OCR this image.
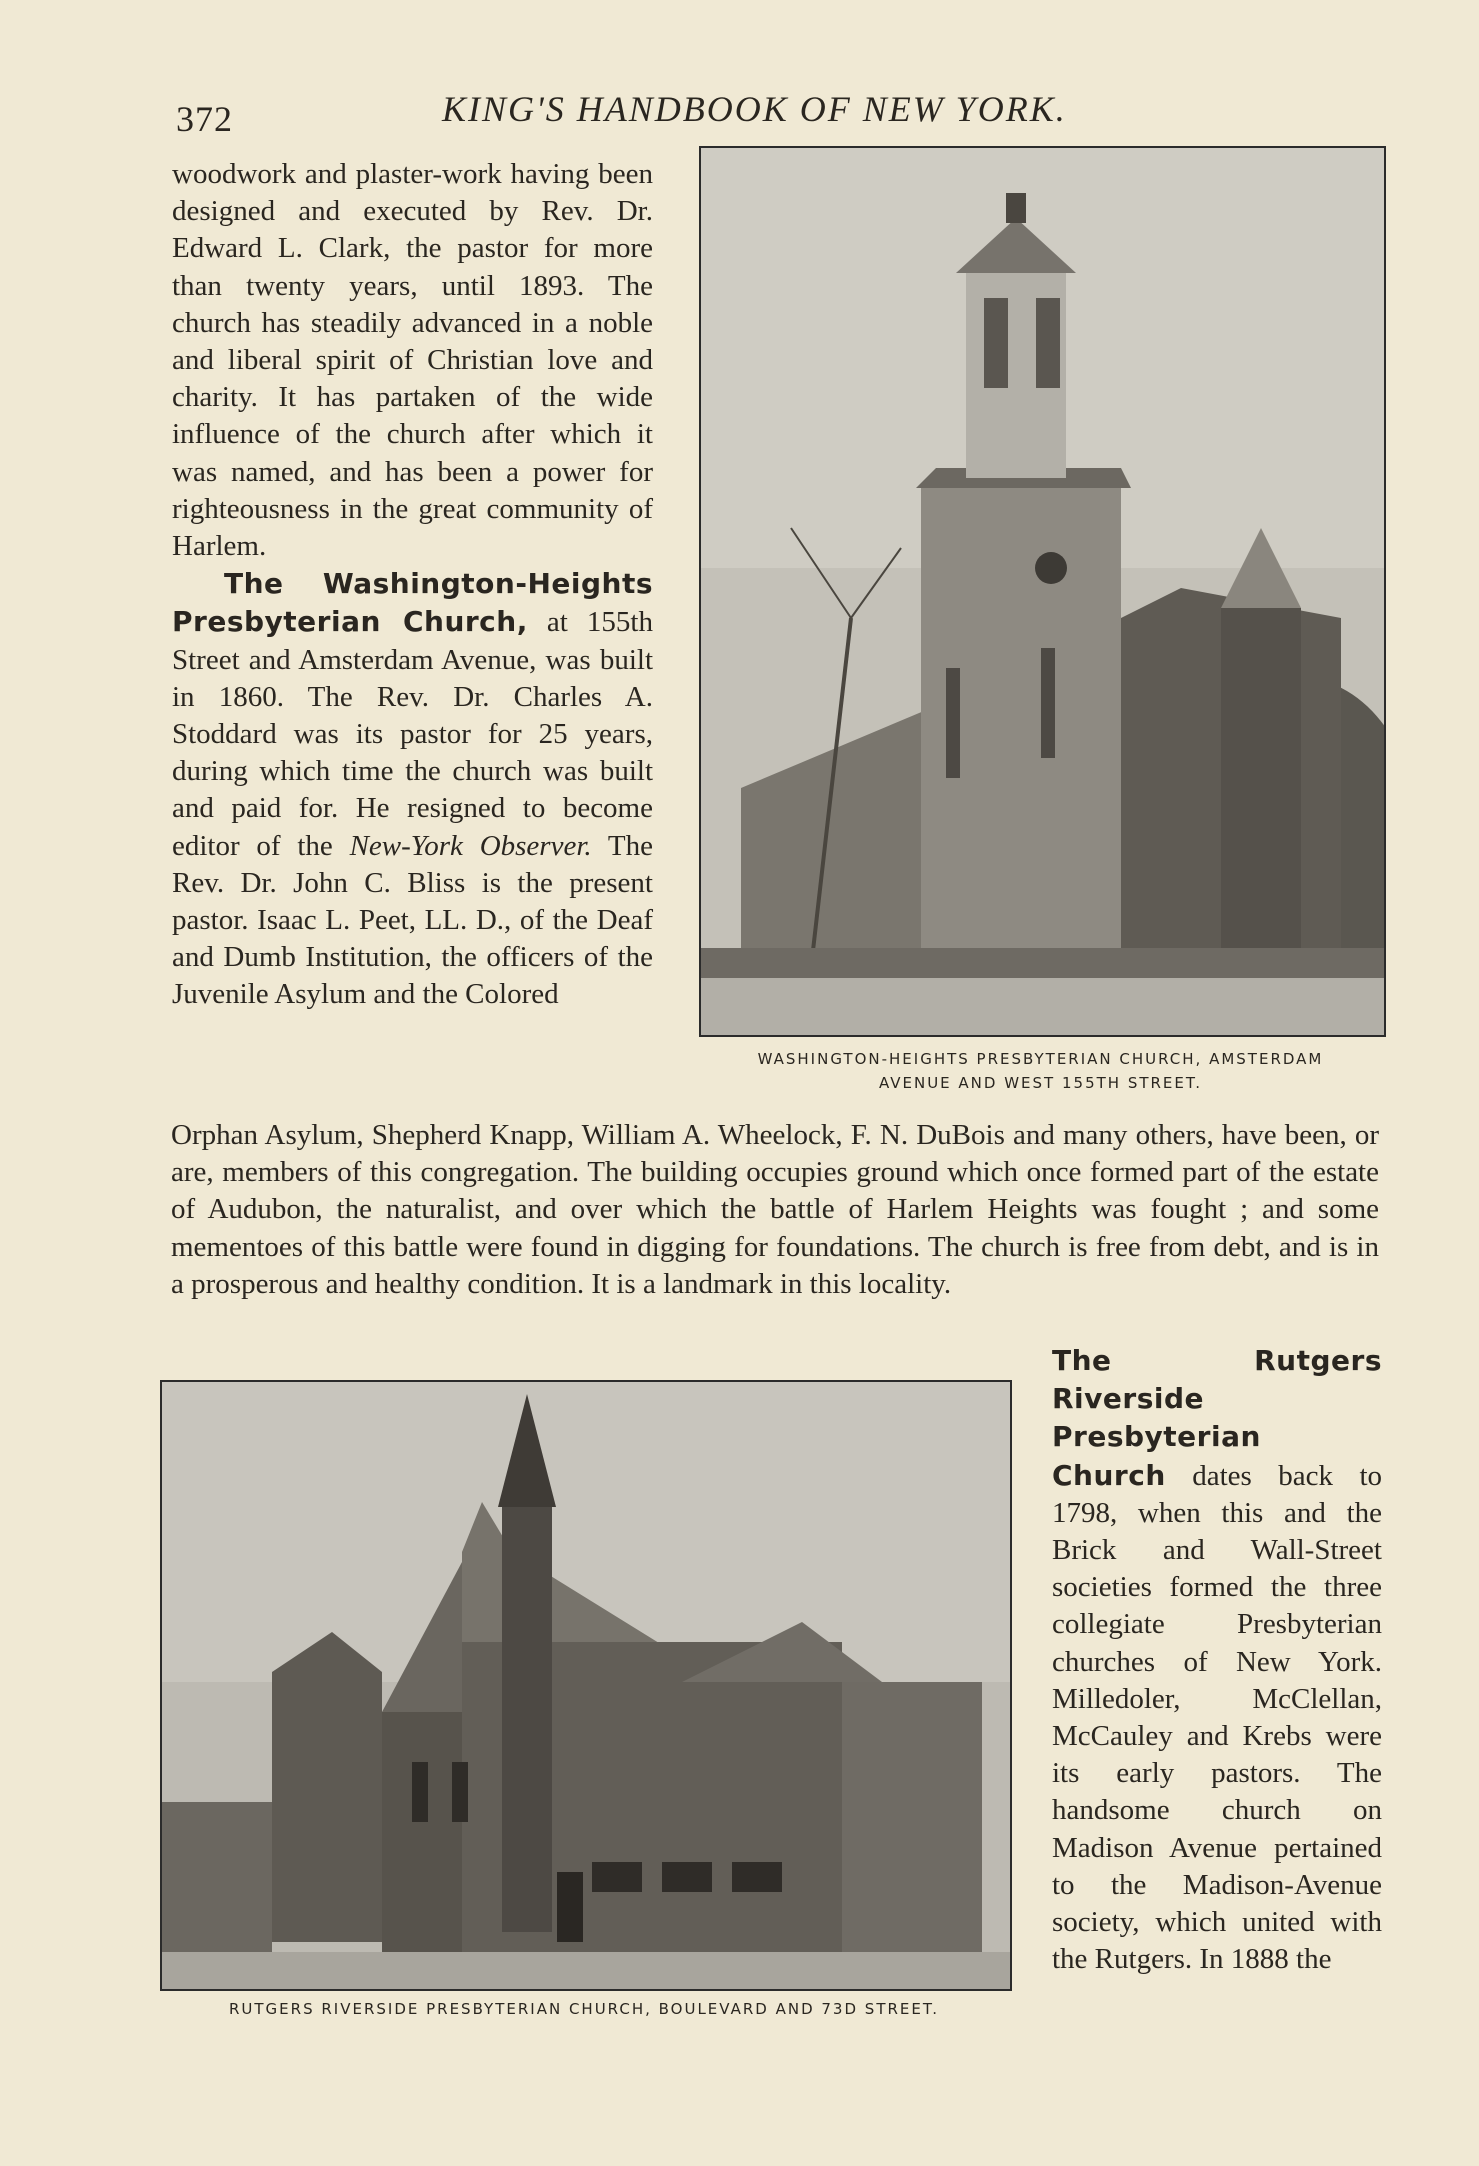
372	KING'S HANDBOOK OF NEW YORK.

woodwork and plaster-work having been designed and executed by Rev. Dr. Edward L. Clark, the pastor for more than twenty years, until 1893. The church has steadily advanced in a noble and liberal spirit of Christian love and charity. It has partaken of the wide influence of the church after which it was named, and has been a power for righteousness in the great community of Harlem.

The Washington-Heights Presbyterian Church, at 155th Street and Amsterdam Avenue, was built in 1860. The Rev. Dr. Charles A. Stoddard was its pastor for 25 years, during which time the church was built and paid for. He resigned to become editor of the New-York Observer. The Rev. Dr. John C. Bliss is the present pastor. Isaac L. Peet, LL. D., of the Deaf and Dumb Institution, the officers of the Juvenile Asylum and the Colored

WASHINGTON-HEIGHTS PRESBYTERIAN CHURCH, AMSTERDAM
AVENUE AND WEST 155TH STREET.

Orphan Asylum, Shepherd Knapp, William A. Wheelock, F. N. DuBois and many others, have been, or are, members of this congregation. The building occupies ground which once formed part of the estate of Audubon, the naturalist, and over which the battle of Harlem Heights was fought ; and some mementoes of this battle were found in digging for foundations. The church is free from debt, and is in a prosperous and healthy condition. It is a landmark in this locality.

RUTGERS RIVERSIDE PRESBYTERIAN CHURCH, BOULEVARD AND 73D STREET.

The Rutgers Riverside Presbyterian Church dates back to 1798, when this and the Brick and Wall-Street societies formed the three collegiate Presbyterian churches of New York. Milledoler, McClellan, McCauley and Krebs were its early pastors. The handsome church on Madison Avenue pertained to the Madison-Avenue society, which united with the Rutgers. In 1888 the
